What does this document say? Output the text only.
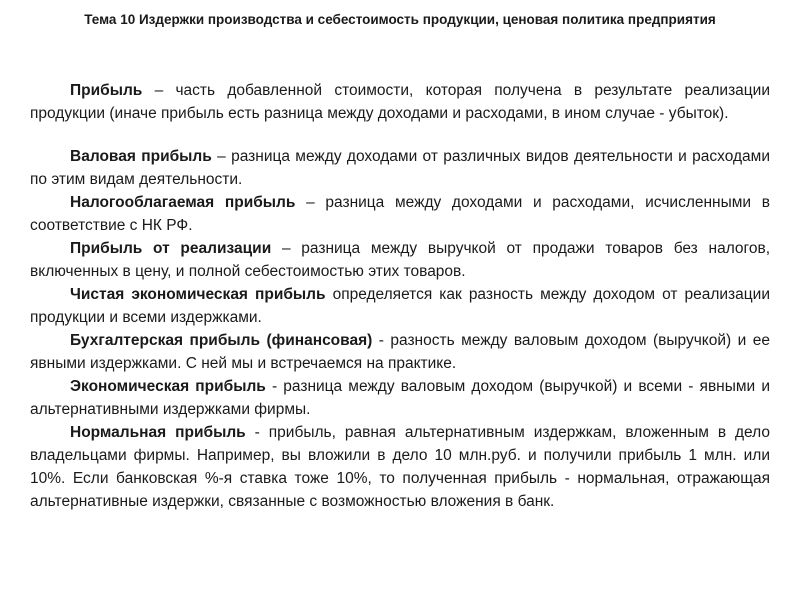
Тема 10 Издержки производства и себестоимость продукции, ценовая политика предприятия

Прибыль – часть добавленной стоимости, которая получена в результате реализации продукции (иначе прибыль есть разница между доходами и расходами, в ином случае - убыток).

Валовая прибыль – разница между доходами от различных видов деятельности и расходами по этим видам деятельности.

Налогооблагаемая прибыль – разница между доходами и расходами, исчисленными в соответствие с НК РФ.

Прибыль от реализации – разница между выручкой от продажи товаров без налогов, включенных в цену, и полной себестоимостью этих товаров.

Чистая экономическая прибыль определяется как разность между доходом от реализации продукции и всеми издержками.

Бухгалтерская прибыль (финансовая) - разность между валовым доходом (выручкой) и ее явными издержками. С ней мы и встречаемся на практике.

Экономическая прибыль - разница между валовым доходом (выручкой) и всеми - явными и альтернативными издержками фирмы.

Нормальная прибыль - прибыль, равная альтернативным издержкам, вложенным в дело владельцами фирмы. Например, вы вложили в дело 10 млн.руб. и получили прибыль 1 млн. или 10%. Если банковская %-я ставка тоже 10%, то полученная прибыль - нормальная, отражающая альтернативные издержки, связанные с возможностью вложения в банк.
